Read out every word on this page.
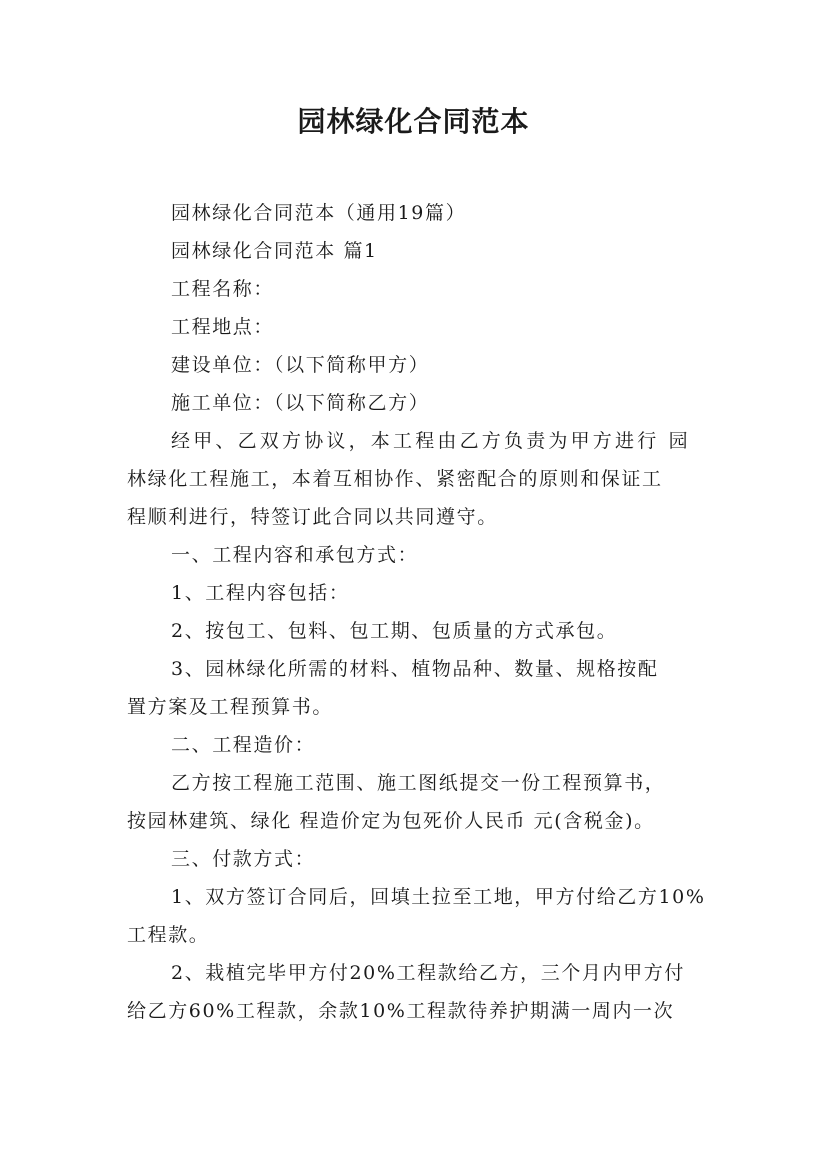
园林绿化合同范本
园林绿化合同范本（通用19篇）
园林绿化合同范本 篇1
工程名称：
工程地点：
建设单位：（以下简称甲方）
施工单位：（以下简称乙方）
经甲、乙双方协议，本工程由乙方负责为甲方进行 园
林绿化工程施工，本着互相协作、紧密配合的原则和保证工
程顺利进行，特签订此合同以共同遵守。
一、工程内容和承包方式：
1、工程内容包括：
2、按包工、包料、包工期、包质量的方式承包。
3、园林绿化所需的材料、植物品种、数量、规格按配
置方案及工程预算书。
二、工程造价：
乙方按工程施工范围、施工图纸提交一份工程预算书，
按园林建筑、绿化 程造价定为包死价人民币 元(含税金)。
三、付款方式：
1、双方签订合同后，回填土拉至工地，甲方付给乙方10%
工程款。
2、栽植完毕甲方付20%工程款给乙方，三个月内甲方付
给乙方60%工程款，余款10%工程款待养护期满一周内一次
